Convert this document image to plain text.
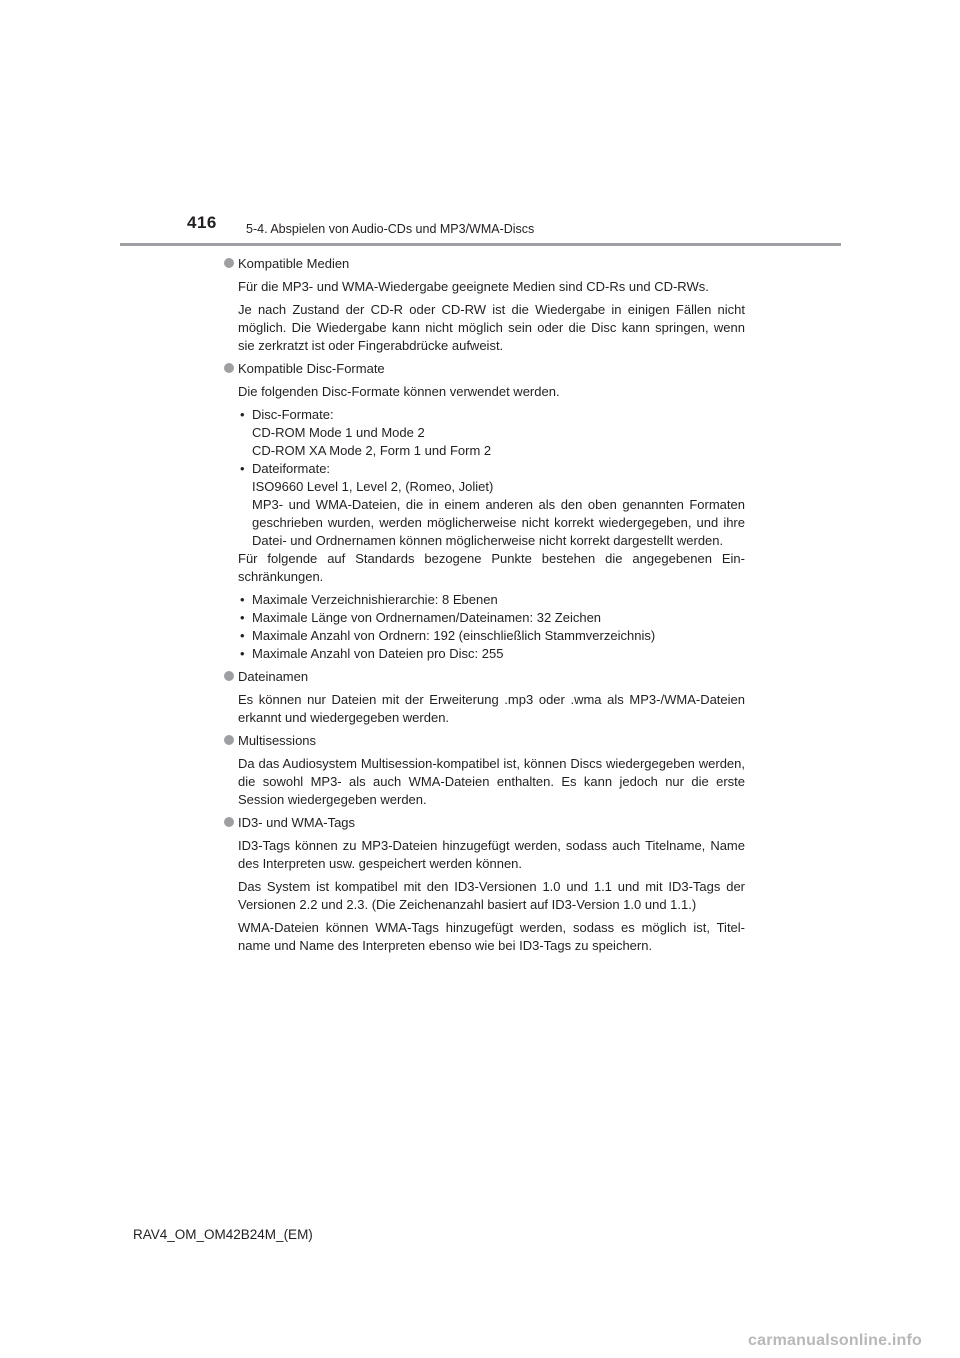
416 5-4. Abspielen von Audio-CDs und MP3/WMA-Discs
Kompatible Medien

Für die MP3- und WMA-Wiedergabe geeignete Medien sind CD-Rs und CD-RWs.

Je nach Zustand der CD-R oder CD-RW ist die Wiedergabe in einigen Fällen nicht möglich. Die Wiedergabe kann nicht möglich sein oder die Disc kann springen, wenn sie zerkratzt ist oder Fingerabdrücke aufweist.

Kompatible Disc-Formate

Die folgenden Disc-Formate können verwendet werden.

• Disc-Formate:
CD-ROM Mode 1 und Mode 2
CD-ROM XA Mode 2, Form 1 und Form 2
• Dateiformate:
ISO9660 Level 1, Level 2, (Romeo, Joliet)
MP3- und WMA-Dateien, die in einem anderen als den oben genannten Formaten geschrieben wurden, werden möglicherweise nicht korrekt wiedergegeben, und ihre Datei- und Ordnernamen können möglicherweise nicht korrekt dargestellt werden.

Für folgende auf Standards bezogene Punkte bestehen die angegebenen Ein-schränkungen.

• Maximale Verzeichnishierarchie: 8 Ebenen
• Maximale Länge von Ordnernamen/Dateinamen: 32 Zeichen
• Maximale Anzahl von Ordnern: 192 (einschließlich Stammverzeichnis)
• Maximale Anzahl von Dateien pro Disc: 255
Dateinamen

Es können nur Dateien mit der Erweiterung .mp3 oder .wma als MP3-/WMA-Dateien erkannt und wiedergegeben werden.

Multisessions

Da das Audiosystem Multisession-kompatibel ist, können Discs wiedergegeben werden, die sowohl MP3- als auch WMA-Dateien enthalten. Es kann jedoch nur die erste Session wiedergegeben werden.

ID3- und WMA-Tags

ID3-Tags können zu MP3-Dateien hinzugefügt werden, sodass auch Titelname, Name des Interpreten usw. gespeichert werden können.

Das System ist kompatibel mit den ID3-Versionen 1.0 und 1.1 und mit ID3-Tags der Versionen 2.2 und 2.3. (Die Zeichenanzahl basiert auf ID3-Version 1.0 und 1.1.)

WMA-Dateien können WMA-Tags hinzugefügt werden, sodass es möglich ist, Titel-name und Name des Interpreten ebenso wie bei ID3-Tags zu speichern.

RAV4_OM_OM42B24M_(EM)
carmanualsonline.info
